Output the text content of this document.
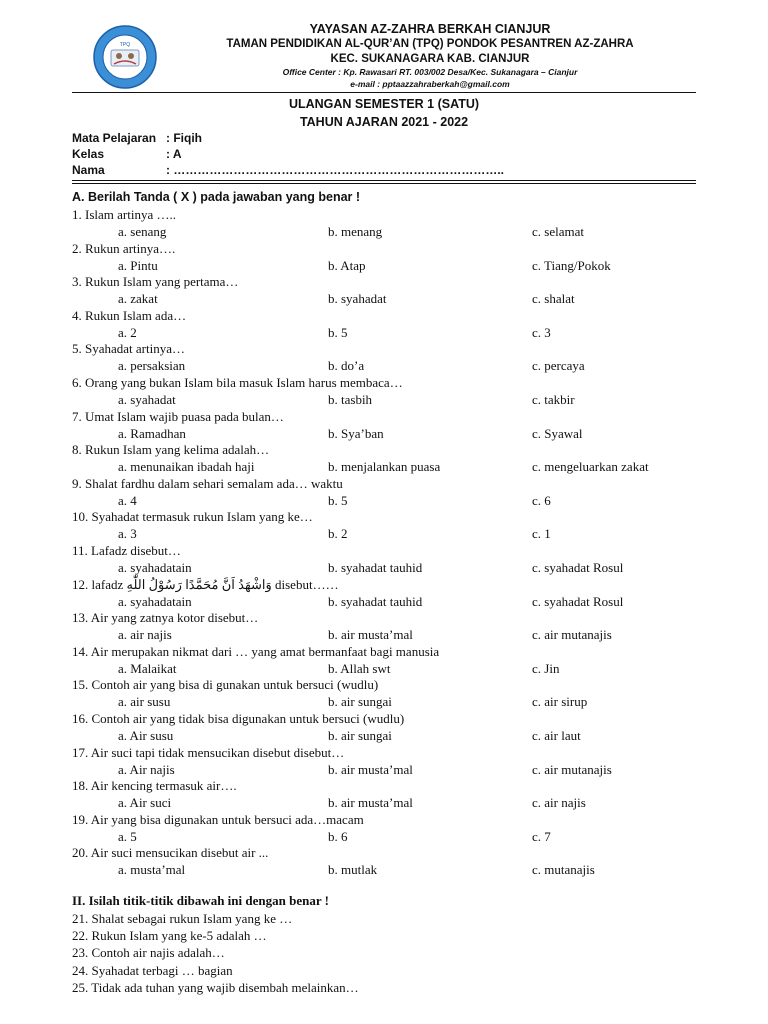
TPQ
YAYASAN AZ-ZAHRA BERKAH CIANJUR
TAMAN PENDIDIKAN AL-QUR’AN (TPQ) PONDOK PESANTREN AZ-ZAHRA
KEC. SUKANAGARA KAB. CIANJUR
Office Center : Kp. Rawasari RT. 003/002 Desa/Kec. Sukanagara – Cianjur
e-mail : pptaazzahraberkah@gmail.com
ULANGAN SEMESTER 1 (SATU)
TAHUN AJARAN 2021 - 2022
Mata Pelajaran : Fiqih
Kelas	: A
Nama	: ………………………………………………………………………..
A. Berilah Tanda ( X ) pada jawaban yang benar !
1. Islam artinya …..
a. senang	b. menang	c. selamat
2. Rukun artinya….
a. Pintu	b. Atap	c. Tiang/Pokok
3. Rukun Islam yang pertama…
a. zakat	b. syahadat	c. shalat
4. Rukun Islam ada…
a. 2	b. 5	c. 3
5. Syahadat artinya…
a. persaksian	b. do’a	c. percaya
6. Orang yang bukan Islam bila masuk Islam harus membaca…
a. syahadat	b. tasbih	c. takbir
7. Umat Islam wajib puasa pada bulan…
a. Ramadhan	b. Sya’ban	c. Syawal
8. Rukun Islam yang kelima adalah…
a. menunaikan ibadah haji	b. menjalankan puasa	c. mengeluarkan zakat
9. Shalat fardhu dalam sehari semalam ada… waktu
a. 4	b. 5	c. 6
10. Syahadat termasuk rukun Islam yang ke…
a. 3	b. 2	c. 1
11. Lafadz disebut…
a. syahadatain	b. syahadat tauhid	c. syahadat Rosul
12. lafadz وَاشْهَدُ اَنَّ مُحَمَّدًا رَسُوْلُ اللّٰهِ disebut……
a. syahadatain	b. syahadat tauhid	c. syahadat Rosul
13. Air yang zatnya kotor disebut…
a. air najis	b. air musta’mal	c. air mutanajis
14. Air merupakan nikmat dari … yang amat bermanfaat bagi manusia
a. Malaikat	b. Allah swt	c. Jin
15. Contoh air yang bisa di gunakan untuk bersuci (wudlu)
a. air susu	b. air sungai	c. air sirup
16. Contoh air yang tidak bisa digunakan untuk bersuci (wudlu)
a. Air susu	b. air sungai	c. air laut
17. Air suci tapi tidak mensucikan disebut disebut…
a. Air najis	b. air musta’mal	c. air mutanajis
18. Air kencing termasuk air….
a. Air suci	b. air musta’mal	c. air najis
19. Air yang bisa digunakan untuk bersuci ada…macam
a. 5	b. 6	c. 7
20. Air suci mensucikan disebut air ...
a. musta’mal	b. mutlak	c. mutanajis
II. Isilah titik-titik dibawah ini dengan benar !
21. Shalat sebagai rukun Islam yang ke …
22. Rukun Islam yang ke-5 adalah …
23. Contoh air najis adalah…
24. Syahadat terbagi … bagian
25. Tidak ada tuhan yang wajib disembah melainkan…
